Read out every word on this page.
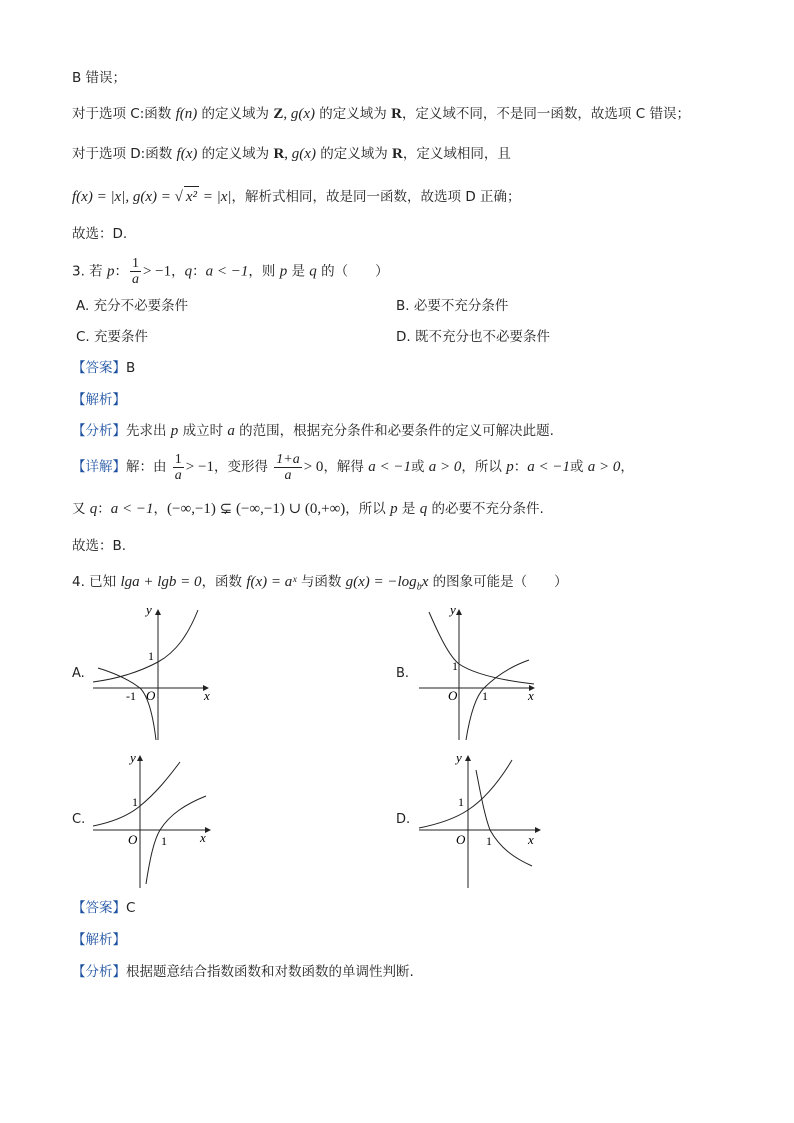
B 错误；
对于选项 C:函数 f(n) 的定义域为 Z, g(x) 的定义域为 R，定义域不同，不是同一函数，故选项 C 错误；
对于选项 D:函数 f(x) 的定义域为 R, g(x) 的定义域为 R，定义域相同，且
f(x) = |x|, g(x) = √ x² = |x|，解析式相同，故是同一函数，故选项 D 正确；
故选：D.
3. 若 p： $\frac{1}{a} > -1$，q：a < −1，则 p 是 q 的（　　）
A. 充分不必要条件	B. 必要不充分条件
C. 充要条件	D. 既不充分也不必要条件
【答案】B
【解析】
【分析】先求出 p 成立时 a 的范围，根据充分条件和必要条件的定义可解决此题.
【详解】解：由 $\frac{1}{a} > -1$，变形得 $\frac{1+a}{a} > 0$，解得 a < −1或 a > 0，所以 p：a < −1或 a > 0，
又 q：a < −1，(−∞,−1) ⊊ (−∞,−1) ∪ (0,+∞)，所以 p 是 q 的必要不充分条件.
故选：B.
4. 已知 lga + lgb = 0，函数 f(x) = aˣ 与函数 $g(x) = -\log_bx$ 的图象可能是（　　）
A.	B.
C.	D.
y
x
O
1
-1
y
x
O
1
1
y
x
O
1
1
y
x
O
1
1
【答案】C
【解析】
【分析】根据题意结合指数函数和对数函数的单调性判断.
